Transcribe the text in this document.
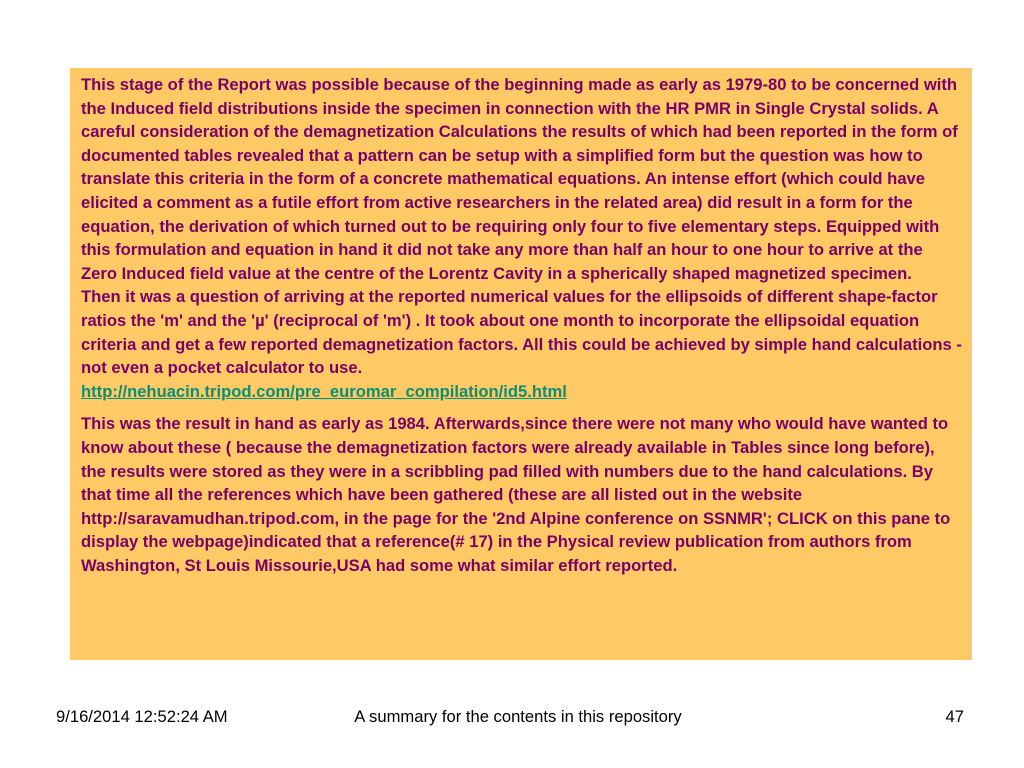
This stage of the Report was possible because of the beginning made as early as 1979-80 to be concerned with the Induced field distributions inside the specimen in connection with the HR PMR in Single Crystal solids. A careful consideration of the demagnetization Calculations the results of which had been reported in the form of documented tables revealed that a pattern can be setup with a simplified form but the question was how to translate this criteria in the form of a concrete mathematical equations. An intense effort (which could have elicited a comment as a futile effort from active researchers in the related area) did result in a form for the equation, the derivation of which turned out to be requiring only four to five elementary steps. Equipped with this formulation and equation in hand it did not take any more than half an hour to one hour to arrive at the Zero Induced field value at the centre of the Lorentz Cavity in a spherically shaped magnetized specimen.

Then it was a question of arriving at the reported numerical values for the ellipsoids of different shape-factor ratios the 'm' and the 'µ' (reciprocal of 'm') . It took about one month to incorporate the ellipsoidal equation criteria and get a few reported demagnetization factors. All this could be achieved by simple hand calculations - not even a pocket calculator to use.

http://nehuacin.tripod.com/pre_euromar_compilation/id5.html

This was the result in hand as early as 1984. Afterwards,since there were not many who would have wanted to know about these ( because the demagnetization factors were already available in Tables since long before), the results were stored as they were in a scribbling pad filled with numbers due to the hand calculations. By that time all the references which have been gathered (these are all listed out in the website http://saravamudhan.tripod.com, in the page for the '2nd Alpine conference on SSNMR'; CLICK on this pane to display the webpage)indicated that a reference(# 17) in the Physical review publication from authors from Washington, St Louis Missourie,USA had some what similar effort reported.

9/16/2014 12:52:24 AM	A summary for the contents in this repository	47
